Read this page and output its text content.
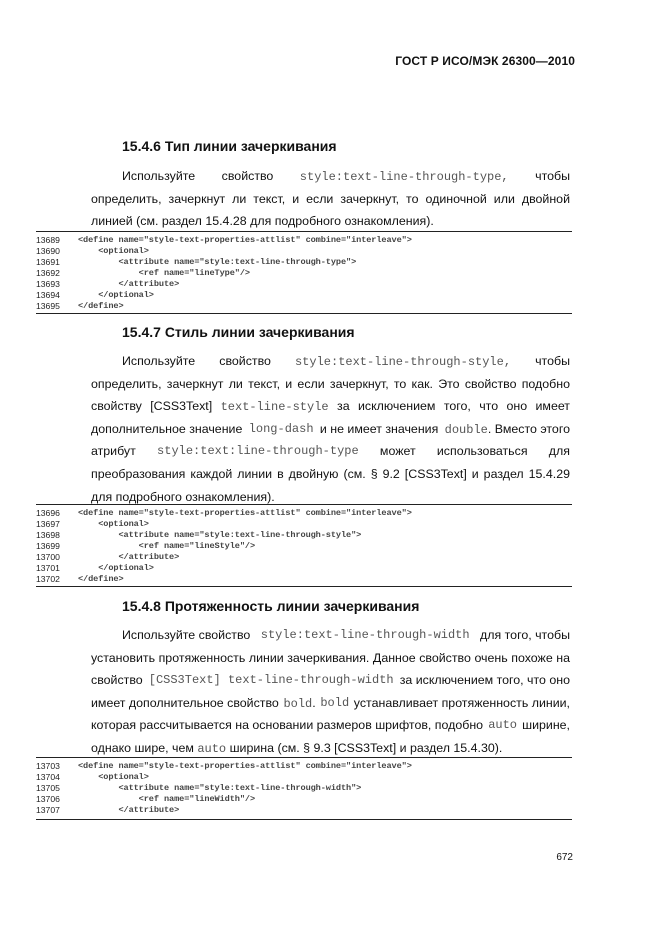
ГОСТ Р ИСО/МЭК 26300—2010
15.4.6 Тип линии зачеркивания
Используйте свойство style:text-line-through-type, чтобы
определить, зачеркнут ли текст, и если зачеркнут, то одиночной или двойной
линией (см. раздел 15.4.28 для подробного ознакомления).
13689	<define name="style-text-properties-attlist" combine="interleave">
13690	<optional>
13691	<attribute name="style:text-line-through-type">
13692	<ref name="lineType"/>
13693	</attribute>
13694	</optional>
13695	</define>
15.4.7 Стиль линии зачеркивания
Используйте свойство style:text-line-through-style, чтобы
определить, зачеркнут ли текст, и если зачеркнут, то как. Это свойство подобно
свойству [CSS3Text] text-line-style за исключением того, что оно имеет
дополнительное значение long-dash и не имеет значения double. Вместо этого
атрибут style:text:line-through-type может использоваться для
преобразования каждой линии в двойную (см. § 9.2 [CSS3Text] и раздел 15.4.29
для подробного ознакомления).
13696	<define name="style-text-properties-attlist" combine="interleave">
13697	<optional>
13698	<attribute name="style:text-line-through-style">
13699	<ref name="lineStyle"/>
13700	</attribute>
13701	</optional>
13702	</define>
15.4.8 Протяженность линии зачеркивания
Используйте свойство style:text-line-through-width для того, чтобы
установить протяженность линии зачеркивания. Данное свойство очень похоже на
свойство [CSS3Text] text-line-through-width за исключением того, что оно
имеет дополнительное свойство bold. bold устанавливает протяженность линии,
которая рассчитывается на основании размеров шрифтов, подобно auto ширине,
однако шире, чем auto ширина (см. § 9.3 [CSS3Text] и раздел 15.4.30).
13703	<define name="style-text-properties-attlist" combine="interleave">
13704	<optional>
13705	<attribute name="style:text-line-through-width">
13706	<ref name="lineWidth"/>
13707	</attribute>
672
